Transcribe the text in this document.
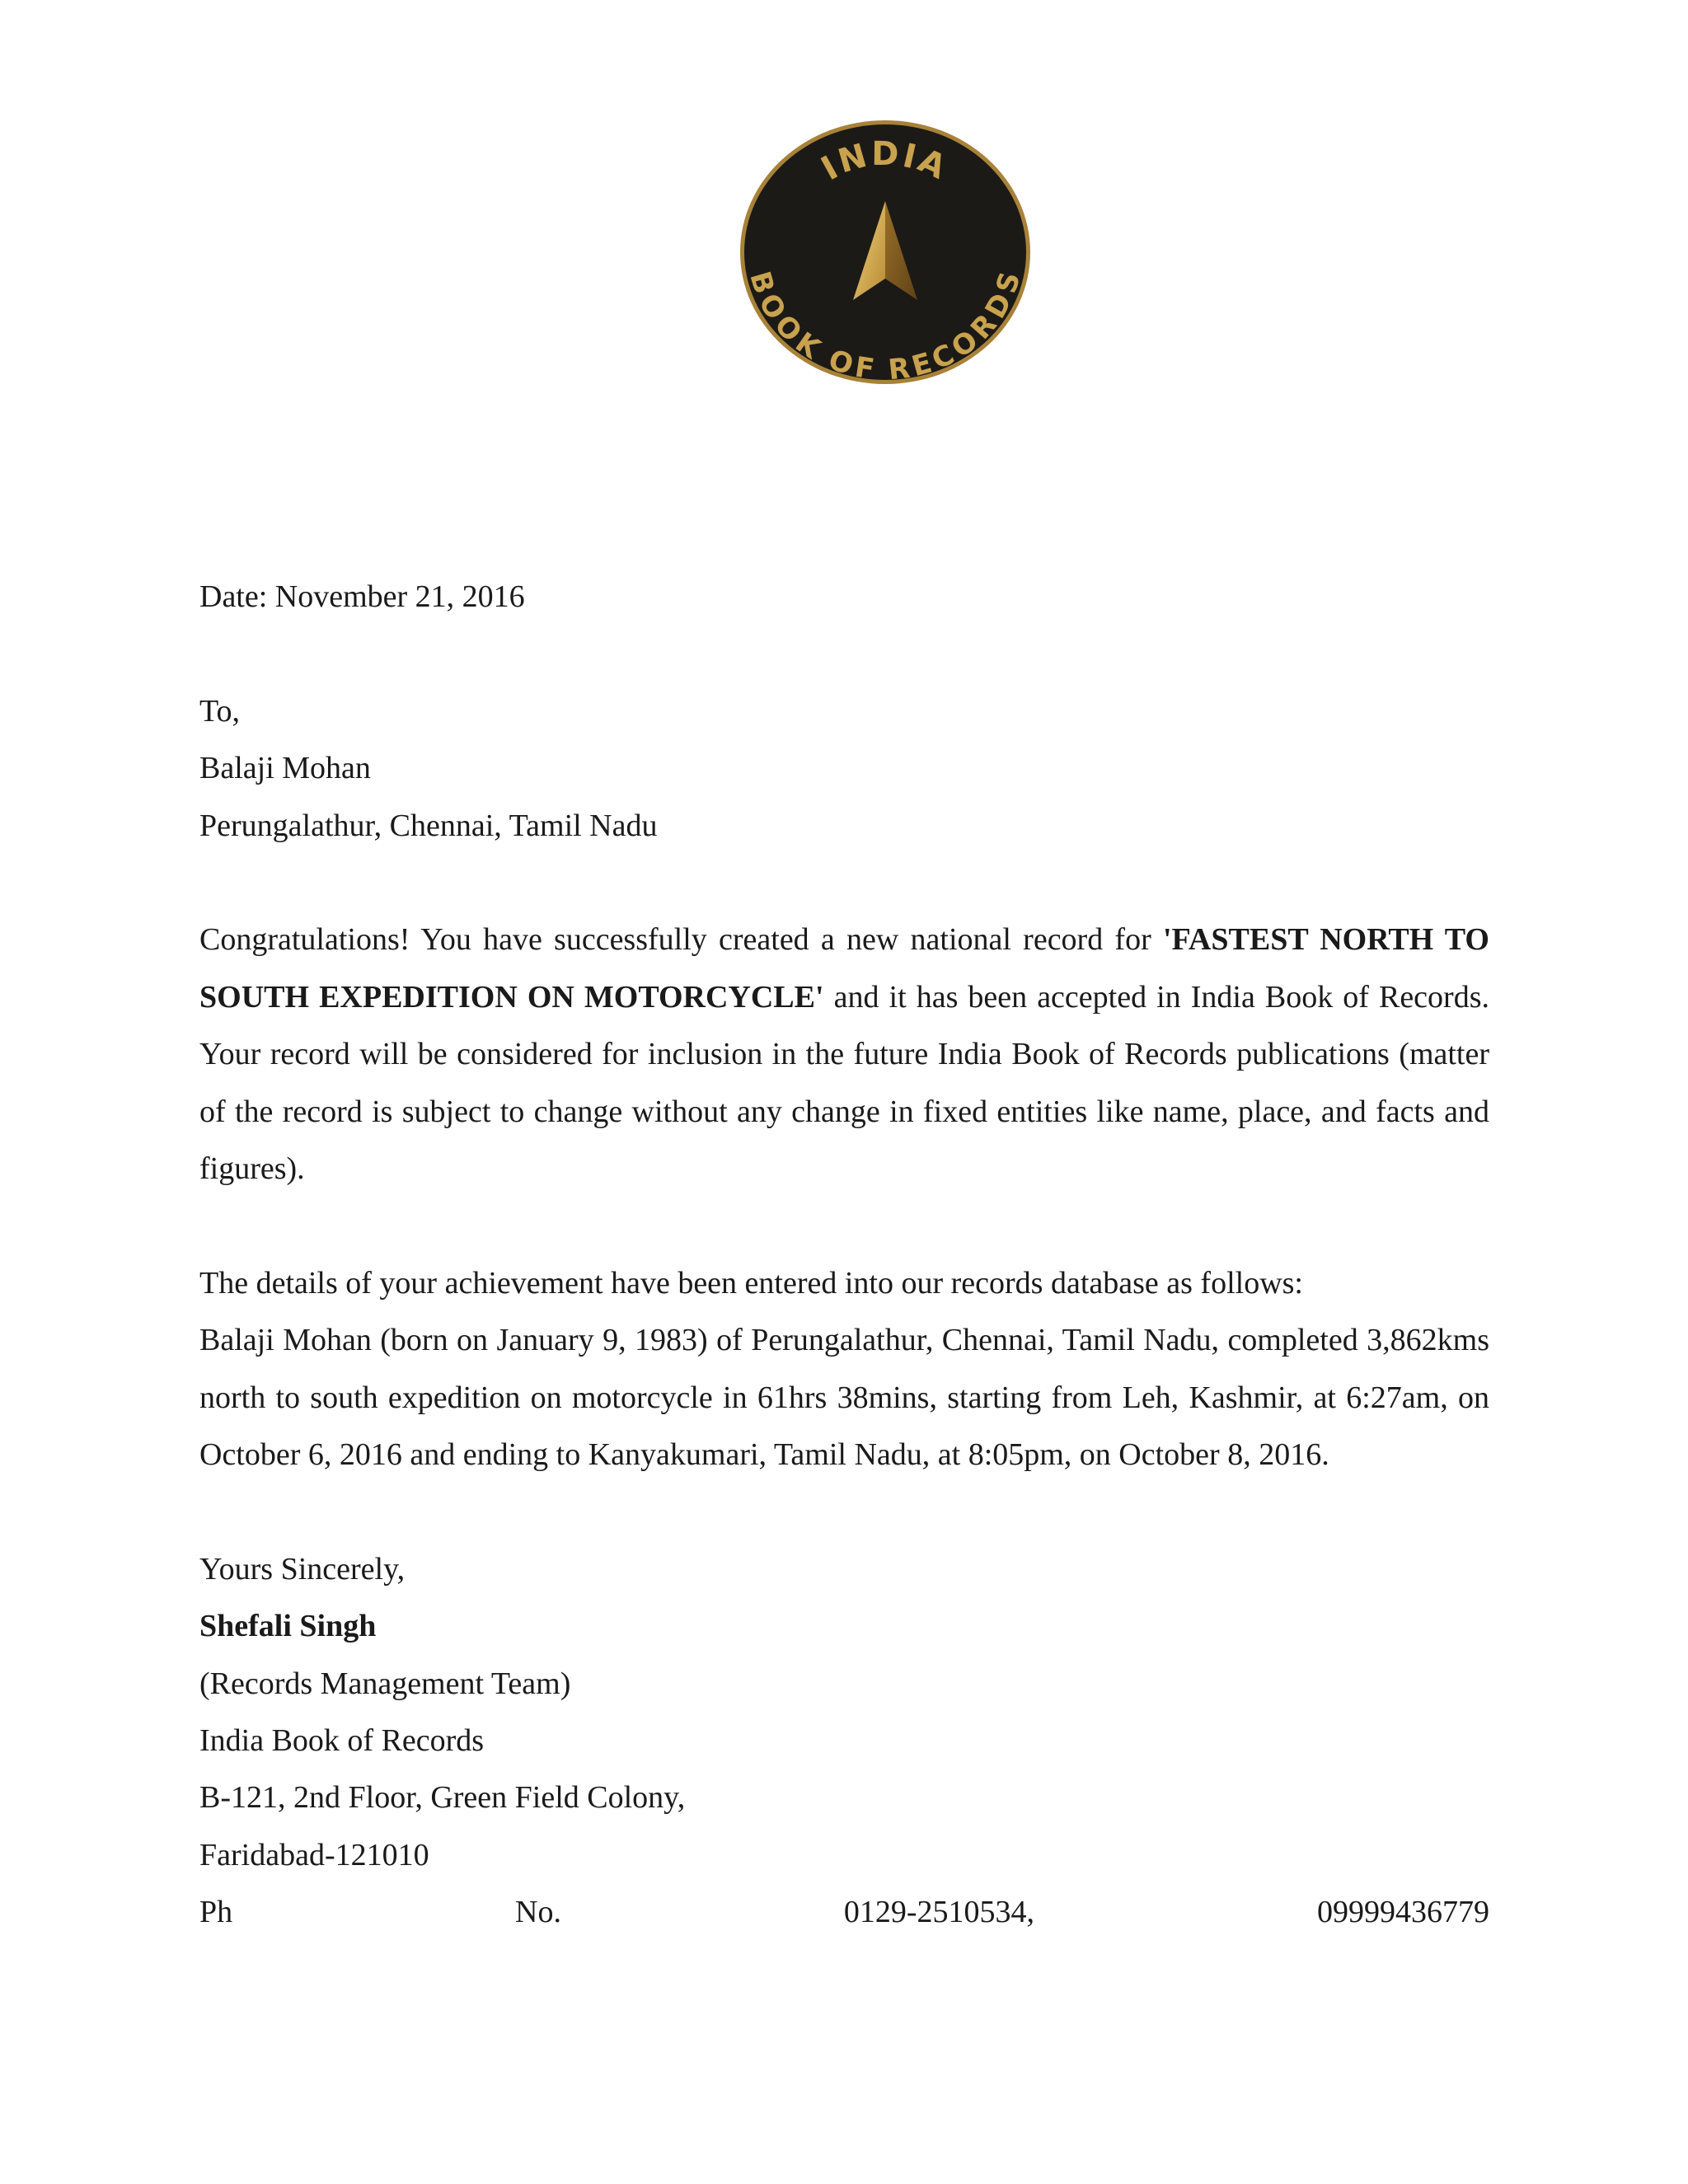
INDIA
BOOK OF RECORDS
Date: November 21, 2016
To,
Balaji Mohan
Perungalathur, Chennai, Tamil Nadu
Congratulations! You have successfully created a new national record for 'FASTEST NORTH TO SOUTH EXPEDITION ON MOTORCYCLE' and it has been accepted in India Book of Records. Your record will be considered for inclusion in the future India Book of Records publications (matter of the record is subject to change without any change in fixed entities like name, place, and facts and figures).
The details of your achievement have been entered into our records database as follows:
Balaji Mohan (born on January 9, 1983) of Perungalathur, Chennai, Tamil Nadu, completed 3,862kms north to south expedition on motorcycle in 61hrs 38mins, starting from Leh, Kashmir, at 6:27am, on October 6, 2016 and ending to Kanyakumari, Tamil Nadu, at 8:05pm, on October 8, 2016.
Yours Sincerely,
Shefali Singh
(Records Management Team)
India Book of Records
B-121, 2nd Floor, Green Field Colony,
Faridabad-121010
Ph	No.	0129-2510534,	09999436779
